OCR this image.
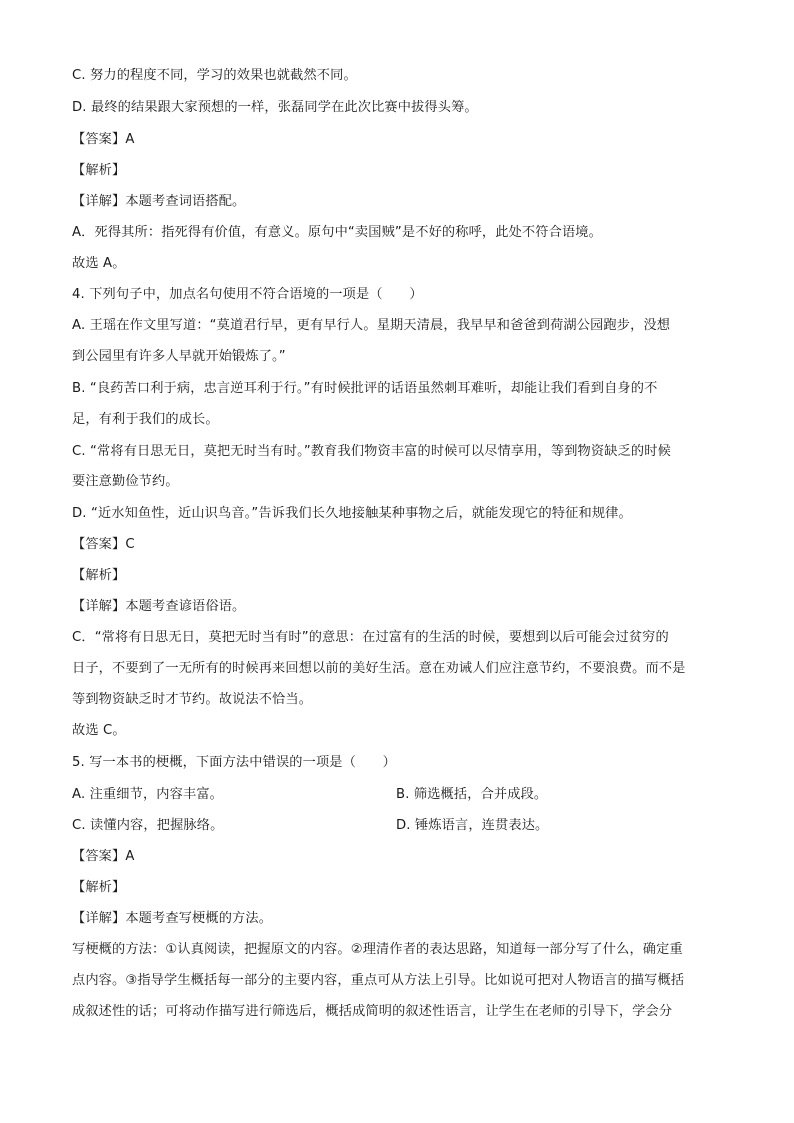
C. 努力的程度不同，学习的效果也就截然不同。
D. 最终的结果跟大家预想的一样，张磊同学在此次比赛中拔得头筹。
【答案】A
【解析】
【详解】本题考查词语搭配。
A．死得其所：指死得有价值，有意义。原句中“卖国贼”是不好的称呼，此处不符合语境。
故选 A。
4. 下列句子中，加点名句使用不符合语境的一项是（　　）
A. 王瑶在作文里写道：“莫道君行早，更有早行人。星期天清晨，我早早和爸爸到荷湖公园跑步，没想
到公园里有许多人早就开始锻炼了。”
B. “良药苦口利于病，忠言逆耳利于行。”有时候批评的话语虽然刺耳难听，却能让我们看到自身的不
足，有利于我们的成长。
C. “常将有日思无日，莫把无时当有时。”教育我们物资丰富的时候可以尽情享用，等到物资缺乏的时候
要注意勤俭节约。
D. “近水知鱼性，近山识鸟音。”告诉我们长久地接触某种事物之后，就能发现它的特征和规律。
【答案】C
【解析】
【详解】本题考查谚语俗语。
C．“常将有日思无日，莫把无时当有时”的意思：在过富有的生活的时候，要想到以后可能会过贫穷的
日子，不要到了一无所有的时候再来回想以前的美好生活。意在劝诫人们应注意节约，不要浪费。而不是
等到物资缺乏时才节约。故说法不恰当。
故选 C。
5. 写一本书的梗概，下面方法中错误的一项是（　　）
A. 注重细节，内容丰富。	B. 筛选概括，合并成段。
C. 读懂内容，把握脉络。	D. 锤炼语言，连贯表达。
【答案】A
【解析】
【详解】本题考查写梗概的方法。
写梗概的方法：①认真阅读，把握原文的内容。②理清作者的表达思路，知道每一部分写了什么，确定重
点内容。③指导学生概括每一部分的主要内容，重点可从方法上引导。比如说可把对人物语言的描写概括
成叙述性的话；可将动作描写进行筛选后，概括成简明的叙述性语言，让学生在老师的引导下，学会分
